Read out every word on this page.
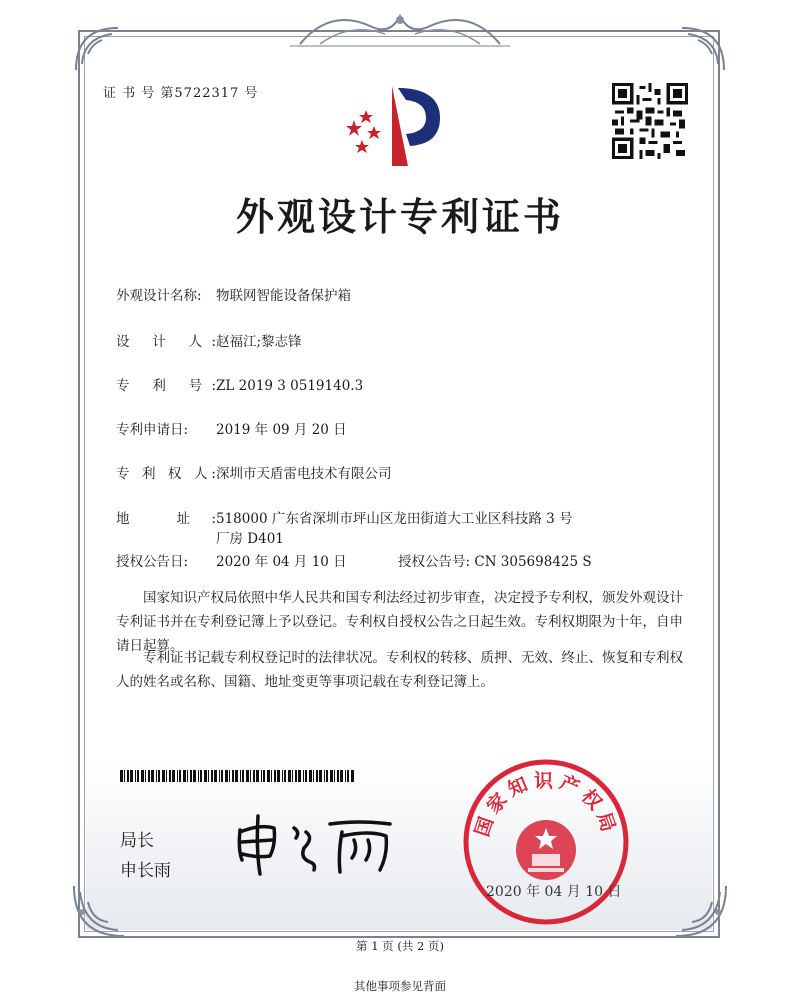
证 书 号 第5722317 号
外观设计专利证书
外观设计名称: 物联网智能设备保护箱
设 计 人:赵福江;黎志锋
专 利 号:ZL 2019 3 0519140.3
专利申请日: 2019 年 09 月 20 日
专 利 权 人:深圳市天盾雷电技术有限公司
地 址:518000 广东省深圳市坪山区龙田街道大工业区科技路 3 号
厂房 D401
授权公告日: 2020 年 04 月 10 日	授权公告号: CN 305698425 S
国家知识产权局依照中华人民共和国专利法经过初步审查，决定授予专利权，颁发外观设计专利证书并在专利登记簿上予以登记。专利权自授权公告之日起生效。专利权期限为十年，自申请日起算。
专利证书记载专利权登记时的法律状况。专利权的转移、质押、无效、终止、恢复和专利权人的姓名或名称、国籍、地址变更等事项记载在专利登记簿上。
局长
申长雨
国家知识产权局
2020 年 04 月 10 日
第 1 页 (共 2 页)
其他事项参见背面
